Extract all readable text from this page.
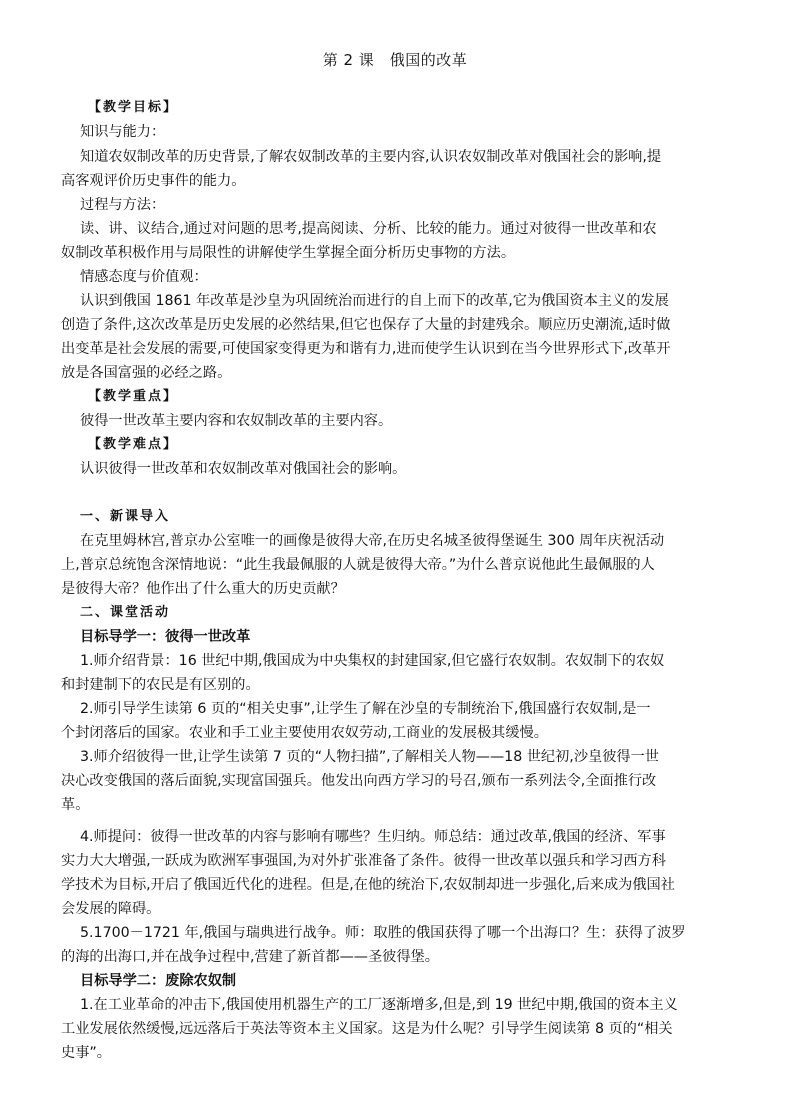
第 2 课　俄国的改革
【教学目标】
知识与能力：
知道农奴制改革的历史背景,了解农奴制改革的主要内容,认识农奴制改革对俄国社会的影响,提
高客观评价历史事件的能力。
过程与方法：
读、讲、议结合,通过对问题的思考,提高阅读、分析、比较的能力。通过对彼得一世改革和农
奴制改革积极作用与局限性的讲解使学生掌握全面分析历史事物的方法。
情感态度与价值观：
认识到俄国 1861 年改革是沙皇为巩固统治而进行的自上而下的改革,它为俄国资本主义的发展
创造了条件,这次改革是历史发展的必然结果,但它也保存了大量的封建残余。顺应历史潮流,适时做
出变革是社会发展的需要,可使国家变得更为和谐有力,进而使学生认识到在当今世界形式下,改革开
放是各国富强的必经之路。
【教学重点】
彼得一世改革主要内容和农奴制改革的主要内容。
【教学难点】
认识彼得一世改革和农奴制改革对俄国社会的影响。
一、新课导入
在克里姆林宫,普京办公室唯一的画像是彼得大帝,在历史名城圣彼得堡诞生 300 周年庆祝活动
上,普京总统饱含深情地说：“此生我最佩服的人就是彼得大帝。”为什么普京说他此生最佩服的人
是彼得大帝？他作出了什么重大的历史贡献？
二、课堂活动
目标导学一：彼得一世改革
1.师介绍背景：16 世纪中期,俄国成为中央集权的封建国家,但它盛行农奴制。农奴制下的农奴
和封建制下的农民是有区别的。
2.师引导学生读第 6 页的“相关史事”,让学生了解在沙皇的专制统治下,俄国盛行农奴制,是一
个封闭落后的国家。农业和手工业主要使用农奴劳动,工商业的发展极其缓慢。
3.师介绍彼得一世,让学生读第 7 页的“人物扫描”,了解相关人物——18 世纪初,沙皇彼得一世
决心改变俄国的落后面貌,实现富国强兵。他发出向西方学习的号召,颁布一系列法令,全面推行改
革。
4.师提问：彼得一世改革的内容与影响有哪些？生归纳。师总结：通过改革,俄国的经济、军事
实力大大增强,一跃成为欧洲军事强国,为对外扩张准备了条件。彼得一世改革以强兵和学习西方科
学技术为目标,开启了俄国近代化的进程。但是,在他的统治下,农奴制却进一步强化,后来成为俄国社
会发展的障碍。
5.1700－1721 年,俄国与瑞典进行战争。师：取胜的俄国获得了哪一个出海口？生：获得了波罗
的海的出海口,并在战争过程中,营建了新首都——圣彼得堡。
目标导学二：废除农奴制
1.在工业革命的冲击下,俄国使用机器生产的工厂逐渐增多,但是,到 19 世纪中期,俄国的资本主义
工业发展依然缓慢,远远落后于英法等资本主义国家。这是为什么呢？引导学生阅读第 8 页的“相关
史事”。
